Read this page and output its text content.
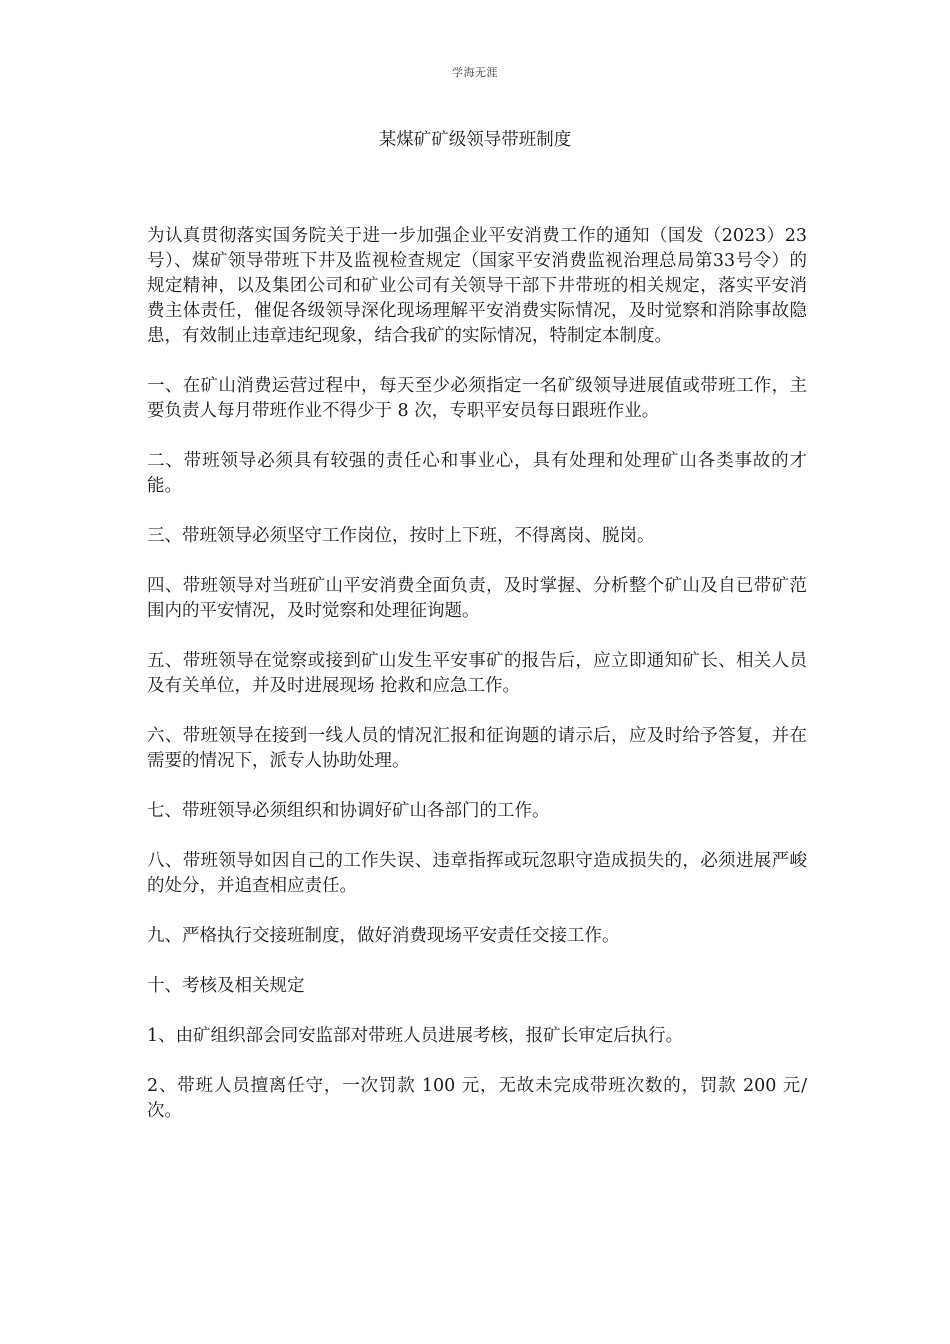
学海无涯
某煤矿矿级领导带班制度

为认真贯彻落实国务院关于进一步加强企业平安消费工作的通知（国发（2023）23号）、煤矿领导带班下井及监视检查规定（国家平安消费监视治理总局第33号令）的规定精神，以及集团公司和矿业公司有关领导干部下井带班的相关规定，落实平安消费主体责任，催促各级领导深化现场理解平安消费实际情况，及时觉察和消除事故隐患，有效制止违章违纪现象，结合我矿的实际情况，特制定本制度。

一、在矿山消费运营过程中，每天至少必须指定一名矿级领导进展值或带班工作，主要负责人每月带班作业不得少于 8 次，专职平安员每日跟班作业。

二、带班领导必须具有较强的责任心和事业心，具有处理和处理矿山各类事故的才能。

三、带班领导必须坚守工作岗位，按时上下班，不得离岗、脱岗。

四、带班领导对当班矿山平安消费全面负责，及时掌握、分析整个矿山及自已带矿范围内的平安情况，及时觉察和处理征询题。

五、带班领导在觉察或接到矿山发生平安事矿的报告后，应立即通知矿长、相关人员及有关单位，并及时进展现场 抢救和应急工作。

六、带班领导在接到一线人员的情况汇报和征询题的请示后，应及时给予答复，并在需要的情况下，派专人协助处理。

七、带班领导必须组织和协调好矿山各部门的工作。

八、带班领导如因自己的工作失误、违章指挥或玩忽职守造成损失的，必须进展严峻的处分，并追查相应责任。

九、严格执行交接班制度，做好消费现场平安责任交接工作。

十、考核及相关规定

1、由矿组织部会同安监部对带班人员进展考核，报矿长审定后执行。

2、带班人员擅离任守，一次罚款 100 元，无故未完成带班次数的，罚款 200 元/次。
